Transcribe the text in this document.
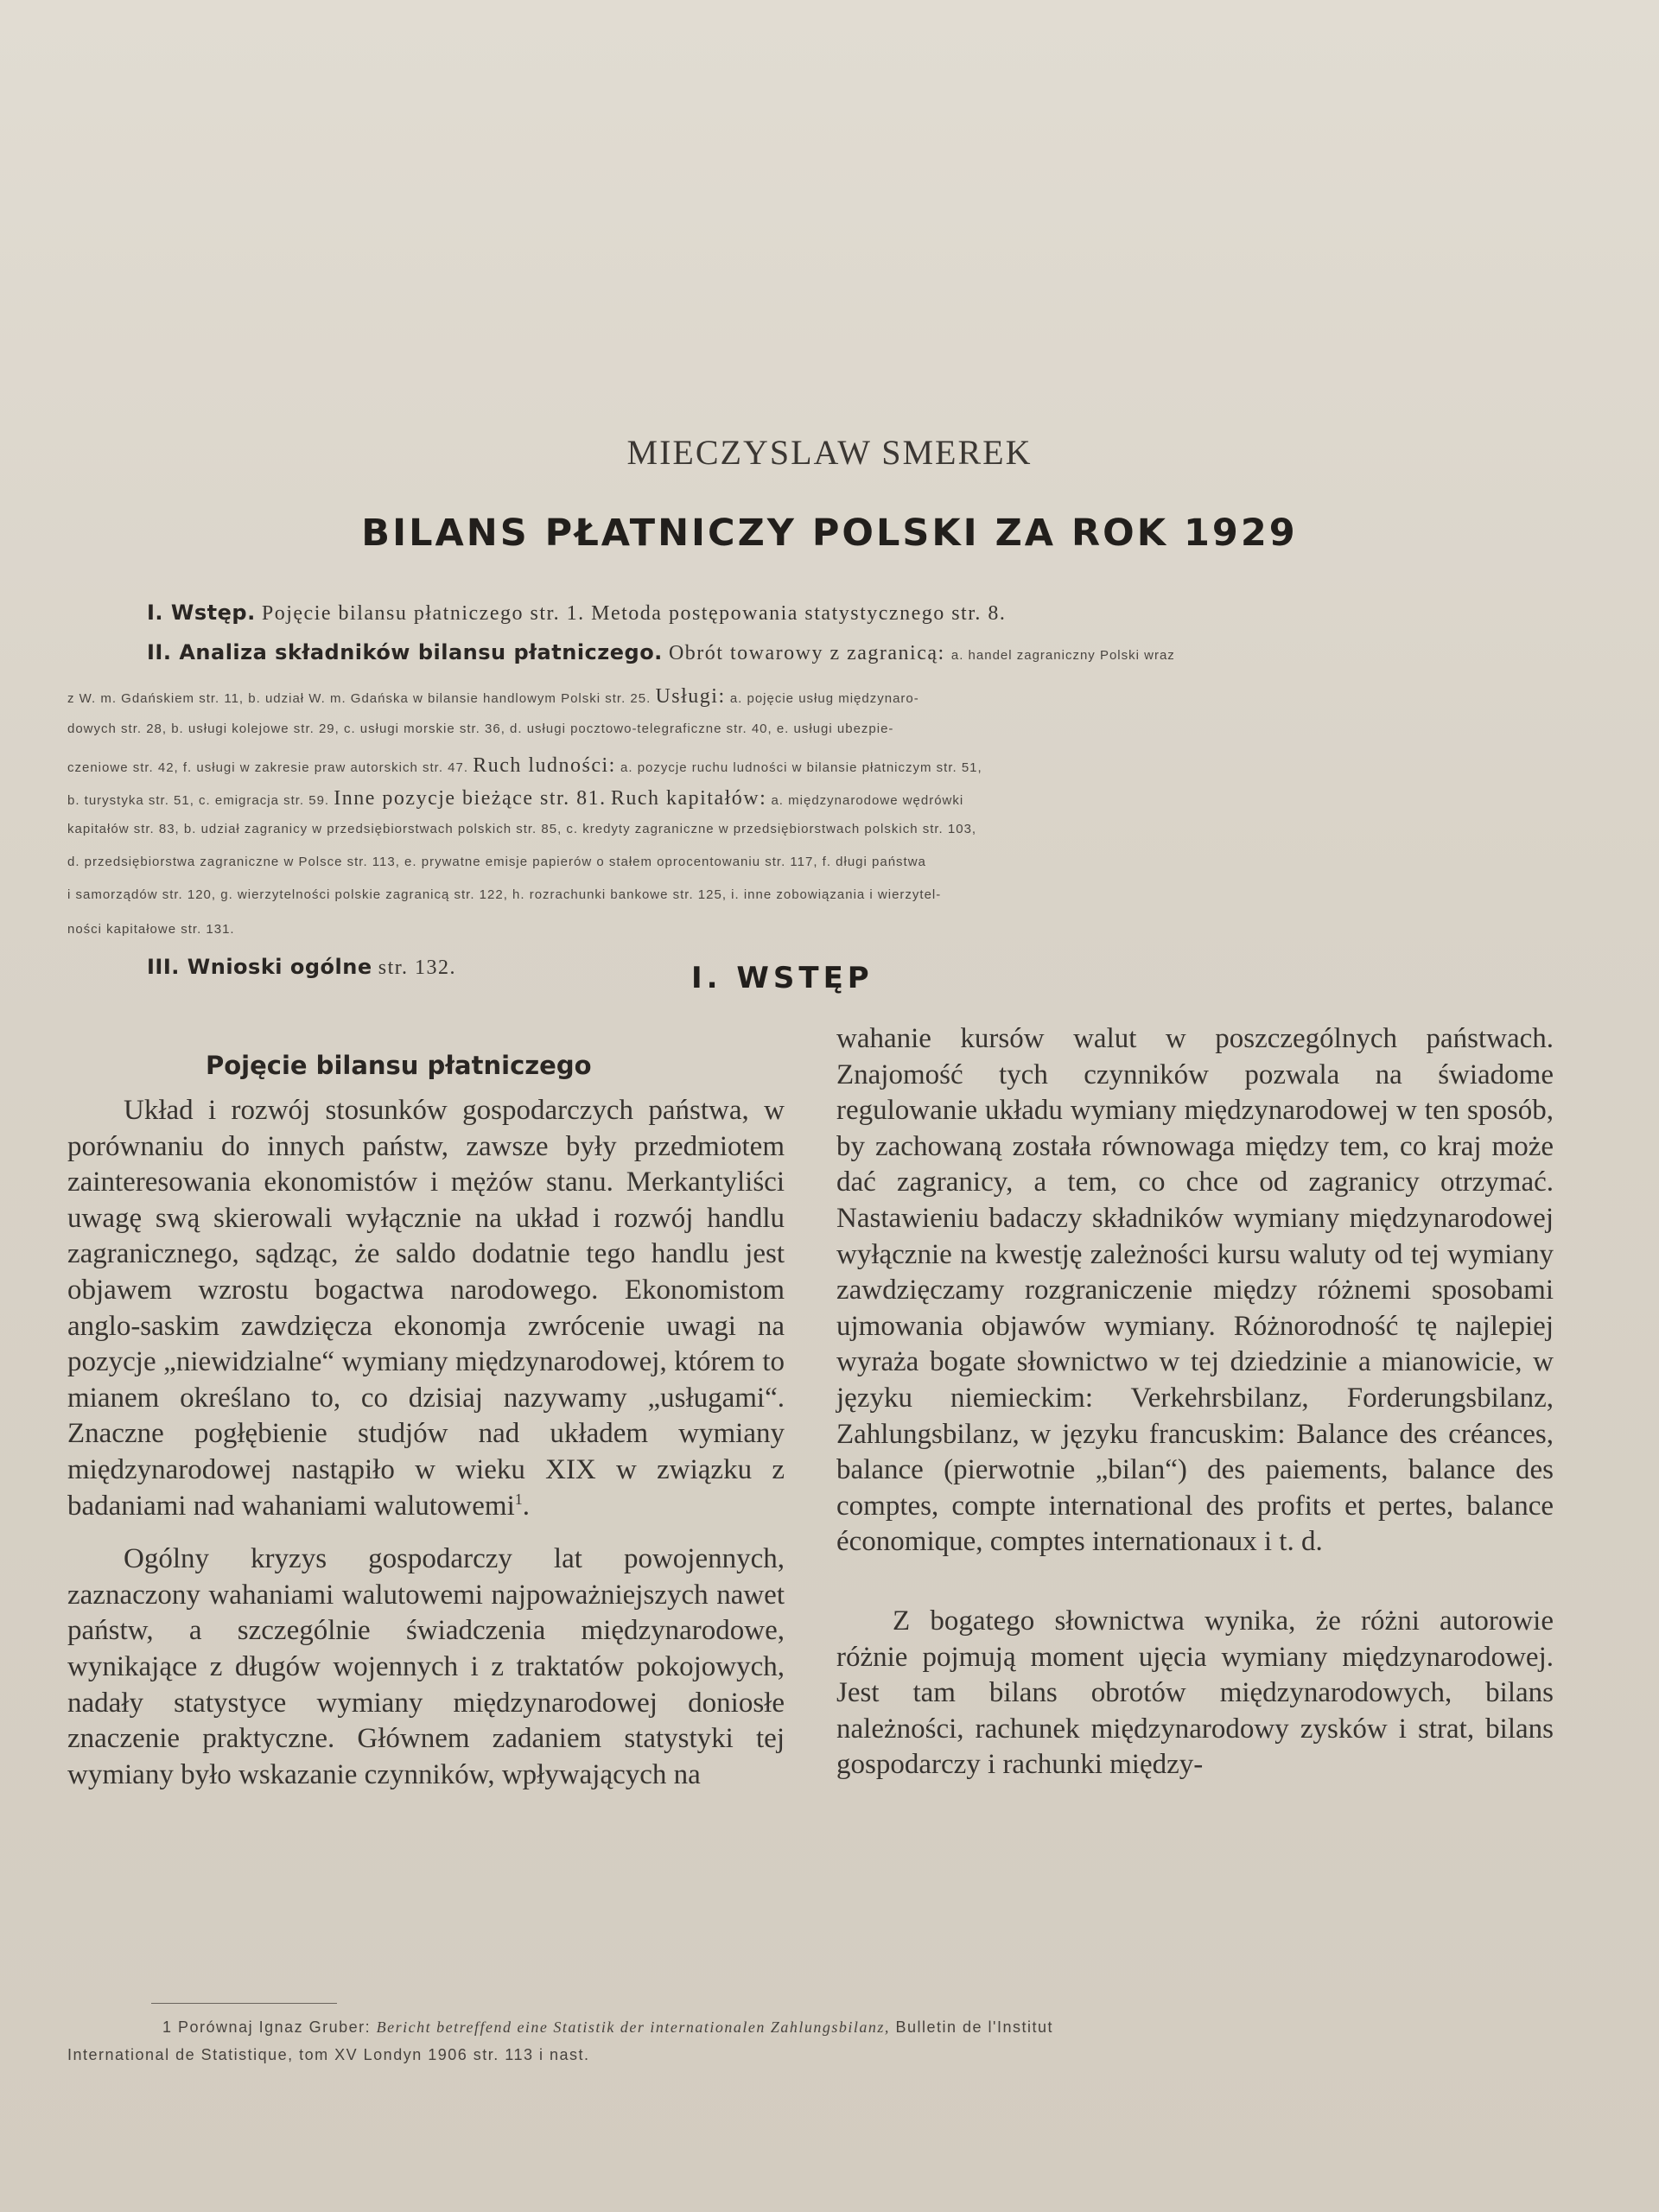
MIECZYSLAW SMEREK
BILANS PŁATNICZY POLSKI ZA ROK 1929
I. Wstęp. Pojęcie bilansu płatniczego str. 1. Metoda postępowania statystycznego str. 8.
II. Analiza składników bilansu płatniczego. Obrót towarowy z zagranicą: a. handel zagraniczny Polski wraz
z W. m. Gdańskiem str. 11, b. udział W. m. Gdańska w bilansie handlowym Polski str. 25. Usługi: a. pojęcie usług międzynaro-
dowych str. 28, b. usługi kolejowe str. 29, c. usługi morskie str. 36, d. usługi pocztowo-telegraficzne str. 40, e. usługi ubezpie-
czeniowe str. 42, f. usługi w zakresie praw autorskich str. 47. Ruch ludności: a. pozycje ruchu ludności w bilansie płatniczym str. 51,
b. turystyka str. 51, c. emigracja str. 59. Inne pozycje bieżące str. 81. Ruch kapitałów: a. międzynarodowe wędrówki
kapitałów str. 83, b. udział zagranicy w przedsiębiorstwach polskich str. 85, c. kredyty zagraniczne w przedsiębiorstwach polskich str. 103,
d. przedsiębiorstwa zagraniczne w Polsce str. 113, e. prywatne emisje papierów o stałem oprocentowaniu str. 117, f. długi państwa
i samorządów str. 120, g. wierzytelności polskie zagranicą str. 122, h. rozrachunki bankowe str. 125, i. inne zobowiązania i wierzytel-
ności kapitałowe str. 131.
III. Wnioski ogólne str. 132.	I. WSTĘP
Pojęcie bilansu płatniczego

Układ i rozwój stosunków gospodarczych państwa, w porównaniu do innych państw, zawsze były przedmiotem zainteresowania ekonomistów i mężów stanu. Merkantyliści uwagę swą skierowali wyłącznie na układ i rozwój handlu zagranicznego, sądząc, że saldo dodatnie tego handlu jest objawem wzrostu bogactwa narodowego. Ekonomistom anglo-saskim zawdzięcza ekonomja zwrócenie uwagi na pozycje „niewidzialne“ wymiany międzynarodowej, którem to mianem określano to, co dzisiaj nazywamy „usługami“. Znaczne pogłębienie studjów nad układem wymiany międzynarodowej nastąpiło w wieku XIX w związku z badaniami nad wahaniami walutowemi$^1$.

Ogólny kryzys gospodarczy lat powojennych, zaznaczony wahaniami walutowemi najpoważniejszych nawet państw, a szczególnie świadczenia międzynarodowe, wynikające z długów wojennych i z traktatów pokojowych, nadały statystyce wymiany międzynarodowej doniosłe znaczenie praktyczne. Głównem zadaniem statystyki tej wymiany było wskazanie czynników, wpływających na

wahanie kursów walut w poszczególnych państwach. Znajomość tych czynników pozwala na świadome regulowanie układu wymiany międzynarodowej w ten sposób, by zachowaną została równowaga między tem, co kraj może dać zagranicy, a tem, co chce od zagranicy otrzymać. Nastawieniu badaczy składników wymiany międzynarodowej wyłącznie na kwestję zależności kursu waluty od tej wymiany zawdzięczamy rozgraniczenie między różnemi sposobami ujmowania objawów wymiany. Różnorodność tę najlepiej wyraża bogate słownictwo w tej dziedzinie a mianowicie, w języku niemieckim: Verkehrsbilanz, Forderungsbilanz, Zahlungsbilanz, w języku francuskim: Balance des créances, balance (pierwotnie „bilan“) des paiements, balance des comptes, compte international des profits et pertes, balance économique, comptes internationaux i t. d.

Z bogatego słownictwa wynika, że różni autorowie różnie pojmują moment ujęcia wymiany międzynarodowej. Jest tam bilans obrotów międzynarodowych, bilans należności, rachunek międzynarodowy zysków i strat, bilans gospodarczy i rachunki między-

1 Porównaj Ignaz Gruber: Bericht betreffend eine Statistik der internationalen Zahlungsbilanz, Bulletin de l'Institut
International de Statistique, tom XV Londyn 1906 str. 113 i nast.
